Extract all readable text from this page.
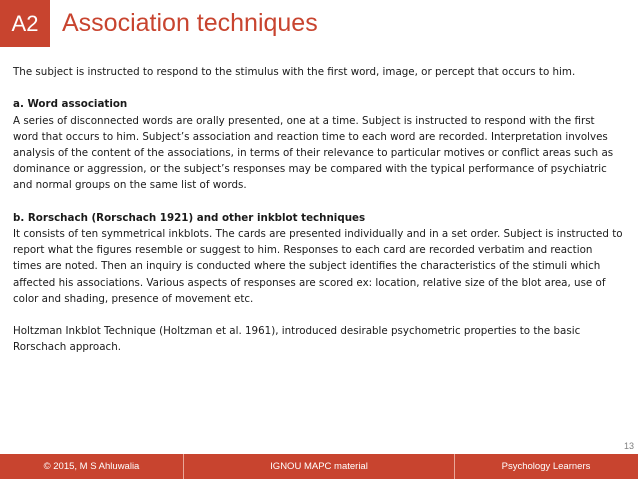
A2 Association techniques

The subject is instructed to respond to the stimulus with the first word, image, or percept that occurs to him.

a. Word association

A series of disconnected words are orally presented, one at a time. Subject is instructed to respond with the first

word that occurs to him. Subject’s association and reaction time to each word are recorded. Interpretation involves

analysis of the content of the associations, in terms of their relevance to particular motives or conflict areas such as

dominance or aggression, or the subject’s responses may be compared with the typical performance of psychiatric

and normal groups on the same list of words.

b. Rorschach (Rorschach 1921) and other inkblot techniques

It consists of ten symmetrical inkblots. The cards are presented individually and in a set order. Subject is instructed to

report what the figures resemble or suggest to him. Responses to each card are recorded verbatim and reaction

times are noted. Then an inquiry is conducted where the subject identifies the characteristics of the stimuli which

affected his associations. Various aspects of responses are scored ex: location, relative size of the blot area, use of

color and shading, presence of movement etc.

Holtzman Inkblot Technique (Holtzman et al. 1961), introduced desirable psychometric properties to the basic

Rorschach approach.

13
© 2015, M S Ahluwalia	IGNOU MAPC material	Psychology Learners
